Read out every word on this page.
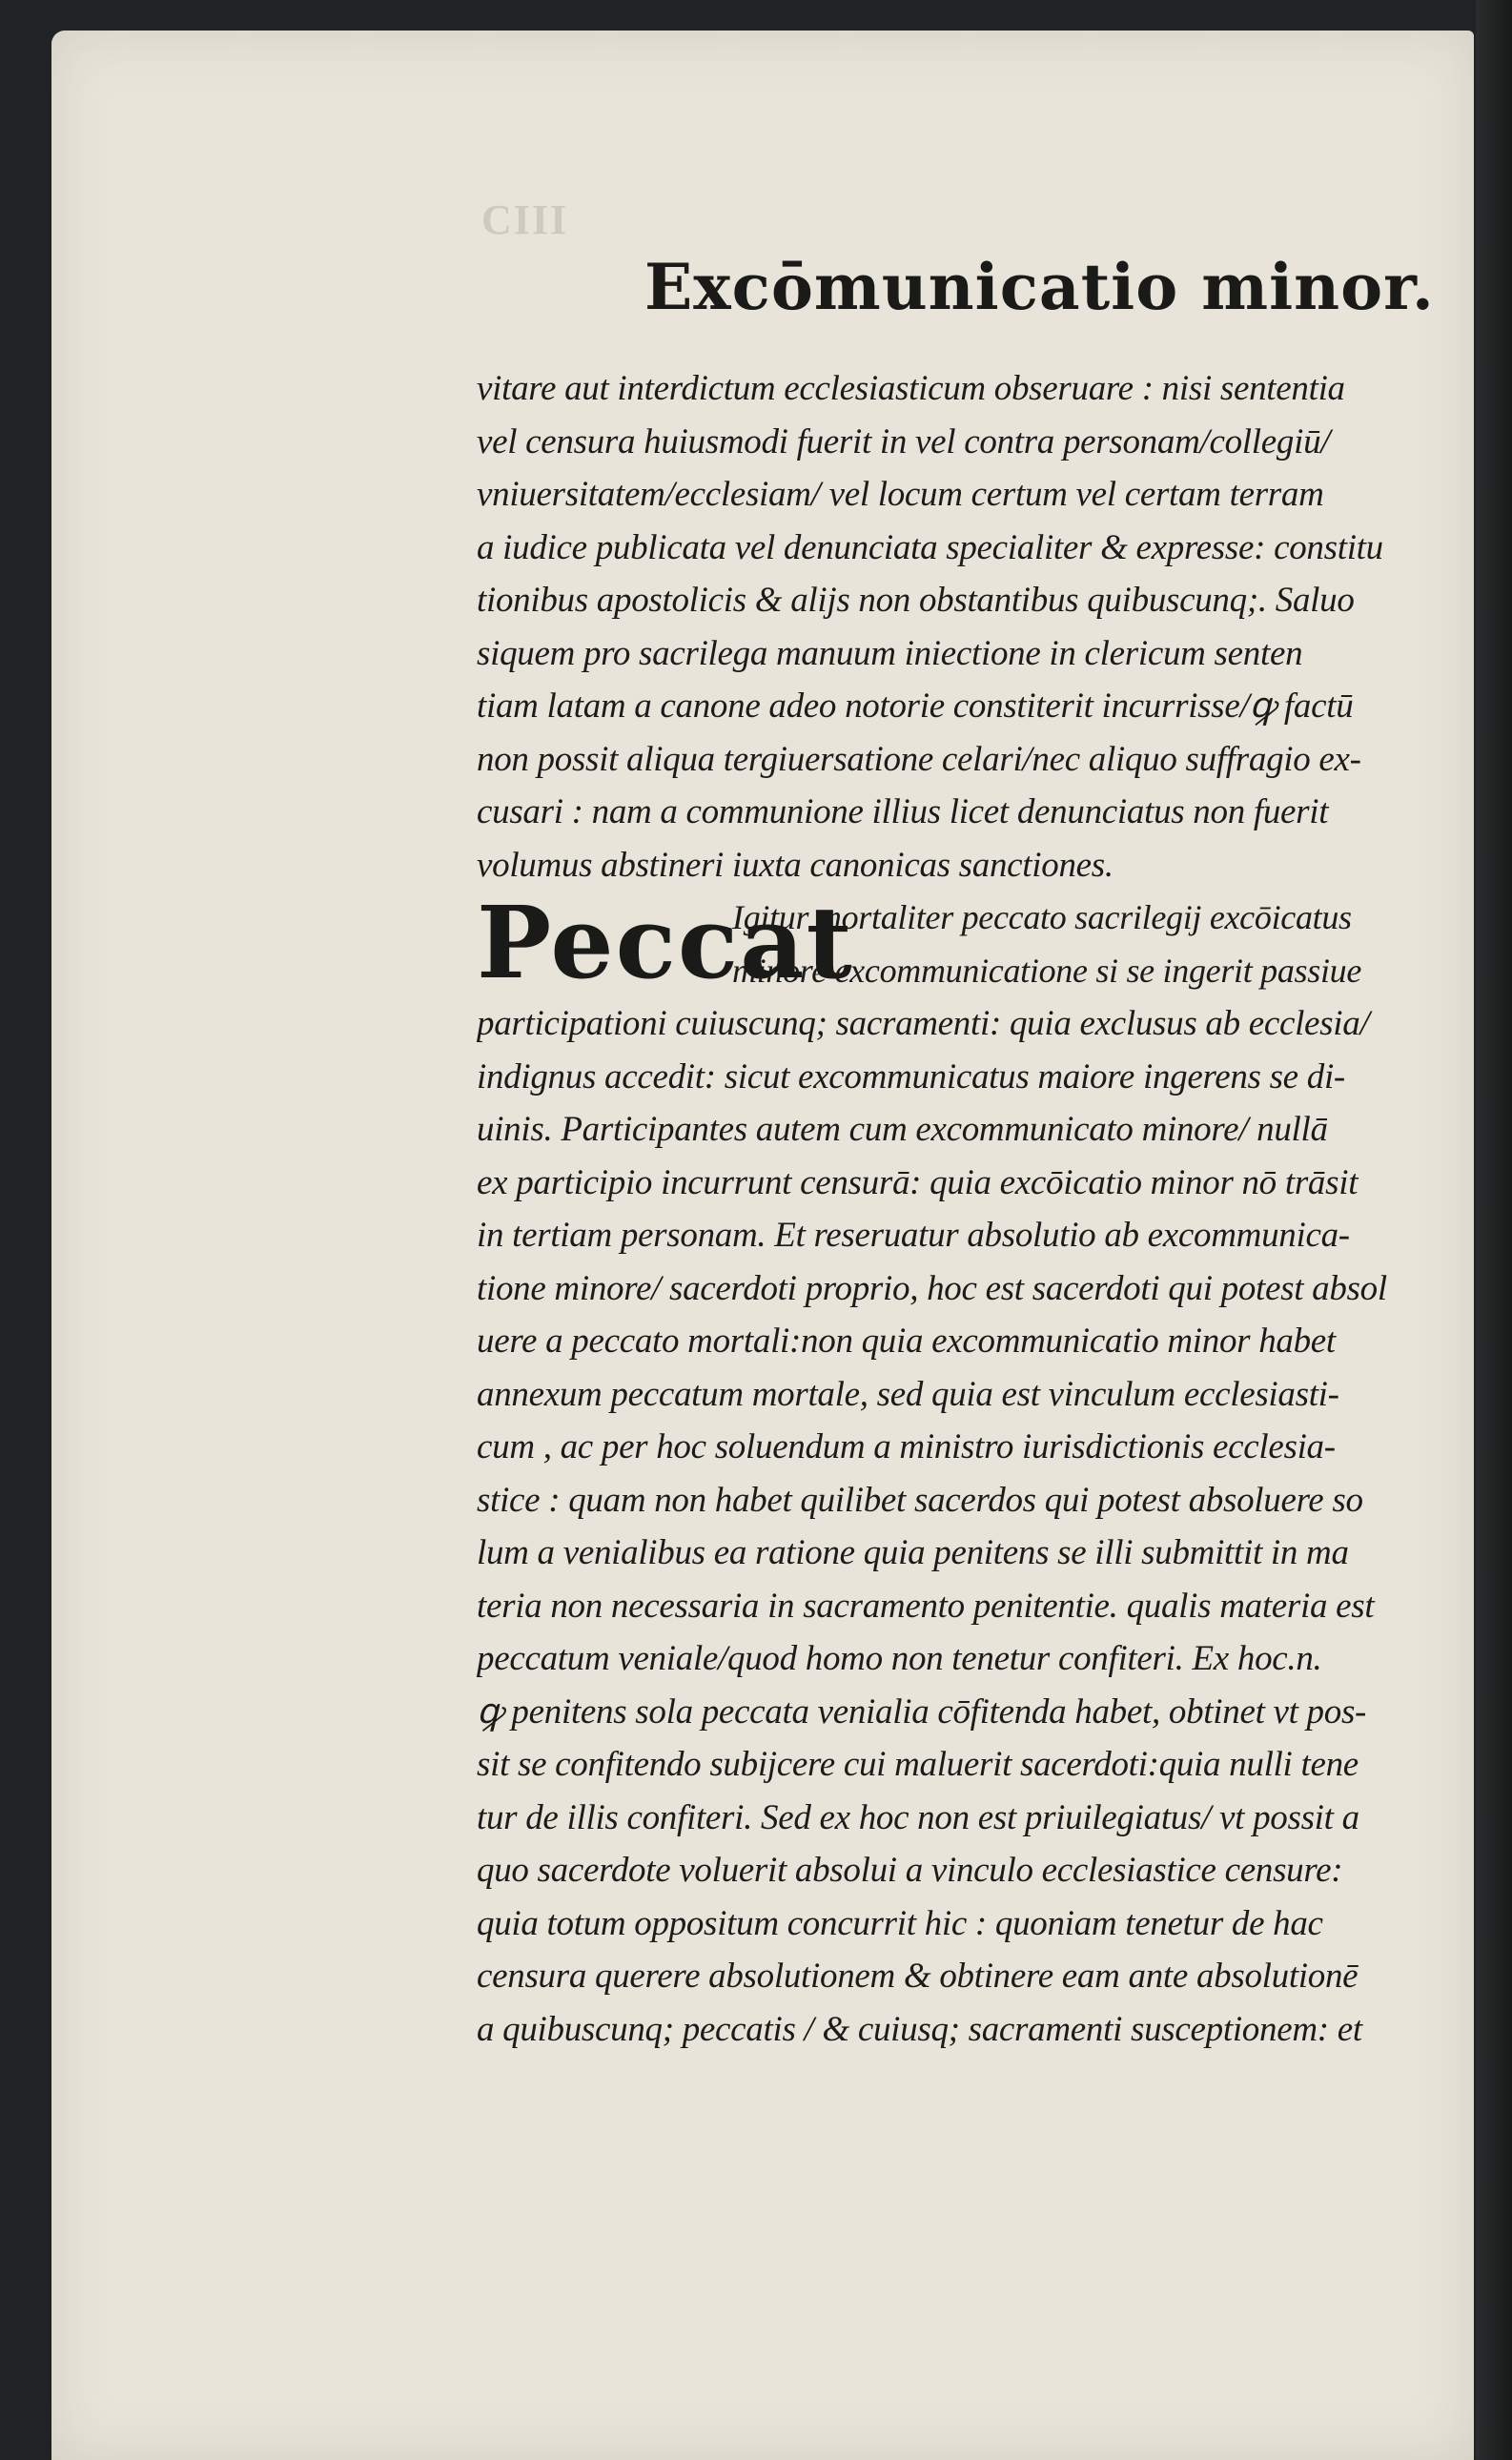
CIII
Excōmunicatio minor.
vitare aut interdictum ecclesiasticum obseruare : nisi sententia
vel censura huiusmodi fuerit in vel contra personam/collegiū/
vniuersitatem/ecclesiam/ vel locum certum vel certam terram
a iudice publicata vel denunciata specialiter & expresse: constitu
tionibus apostolicis & alijs non obstantibus quibuscunq;. Saluo
siquem pro sacrilega manuum iniectione in clericum senten
tiam latam a canone adeo notorie constiterit incurrisse/ꝙ factū
non possit aliqua tergiuersatione celari/nec aliquo suffragio ex-
cusari : nam a communione illius licet denunciatus non fuerit
volumus abstineri iuxta canonicas sanctiones.
Peccat
Igitur mortaliter peccato sacrilegij excōicatus
minore excommunicatione si se ingerit passiue
participationi cuiuscunq; sacramenti: quia exclusus ab ecclesia/
indignus accedit: sicut excommunicatus maiore ingerens se di-
uinis. Participantes autem cum excommunicato minore/ nullā
ex participio incurrunt censurā: quia excōicatio minor nō trāsit
in tertiam personam. Et reseruatur absolutio ab excommunica-
tione minore/ sacerdoti proprio, hoc est sacerdoti qui potest absol
uere a peccato mortali:non quia excommunicatio minor habet
annexum peccatum mortale, sed quia est vinculum ecclesiasti-
cum , ac per hoc soluendum a ministro iurisdictionis ecclesia-
stice : quam non habet quilibet sacerdos qui potest absoluere so
lum a venialibus ea ratione quia penitens se illi submittit in ma
teria non necessaria in sacramento penitentie. qualis materia est
peccatum veniale/quod homo non tenetur confiteri. Ex hoc.n.
ꝙ penitens sola peccata venialia cōfitenda habet, obtinet vt pos-
sit se confitendo subijcere cui maluerit sacerdoti:quia nulli tene
tur de illis confiteri. Sed ex hoc non est priuilegiatus/ vt possit a
quo sacerdote voluerit absolui a vinculo ecclesiastice censure:
quia totum oppositum concurrit hic : quoniam tenetur de hac
censura querere absolutionem & obtinere eam ante absolutionē
a quibuscunq; peccatis / & cuiusq; sacramenti susceptionem: et
